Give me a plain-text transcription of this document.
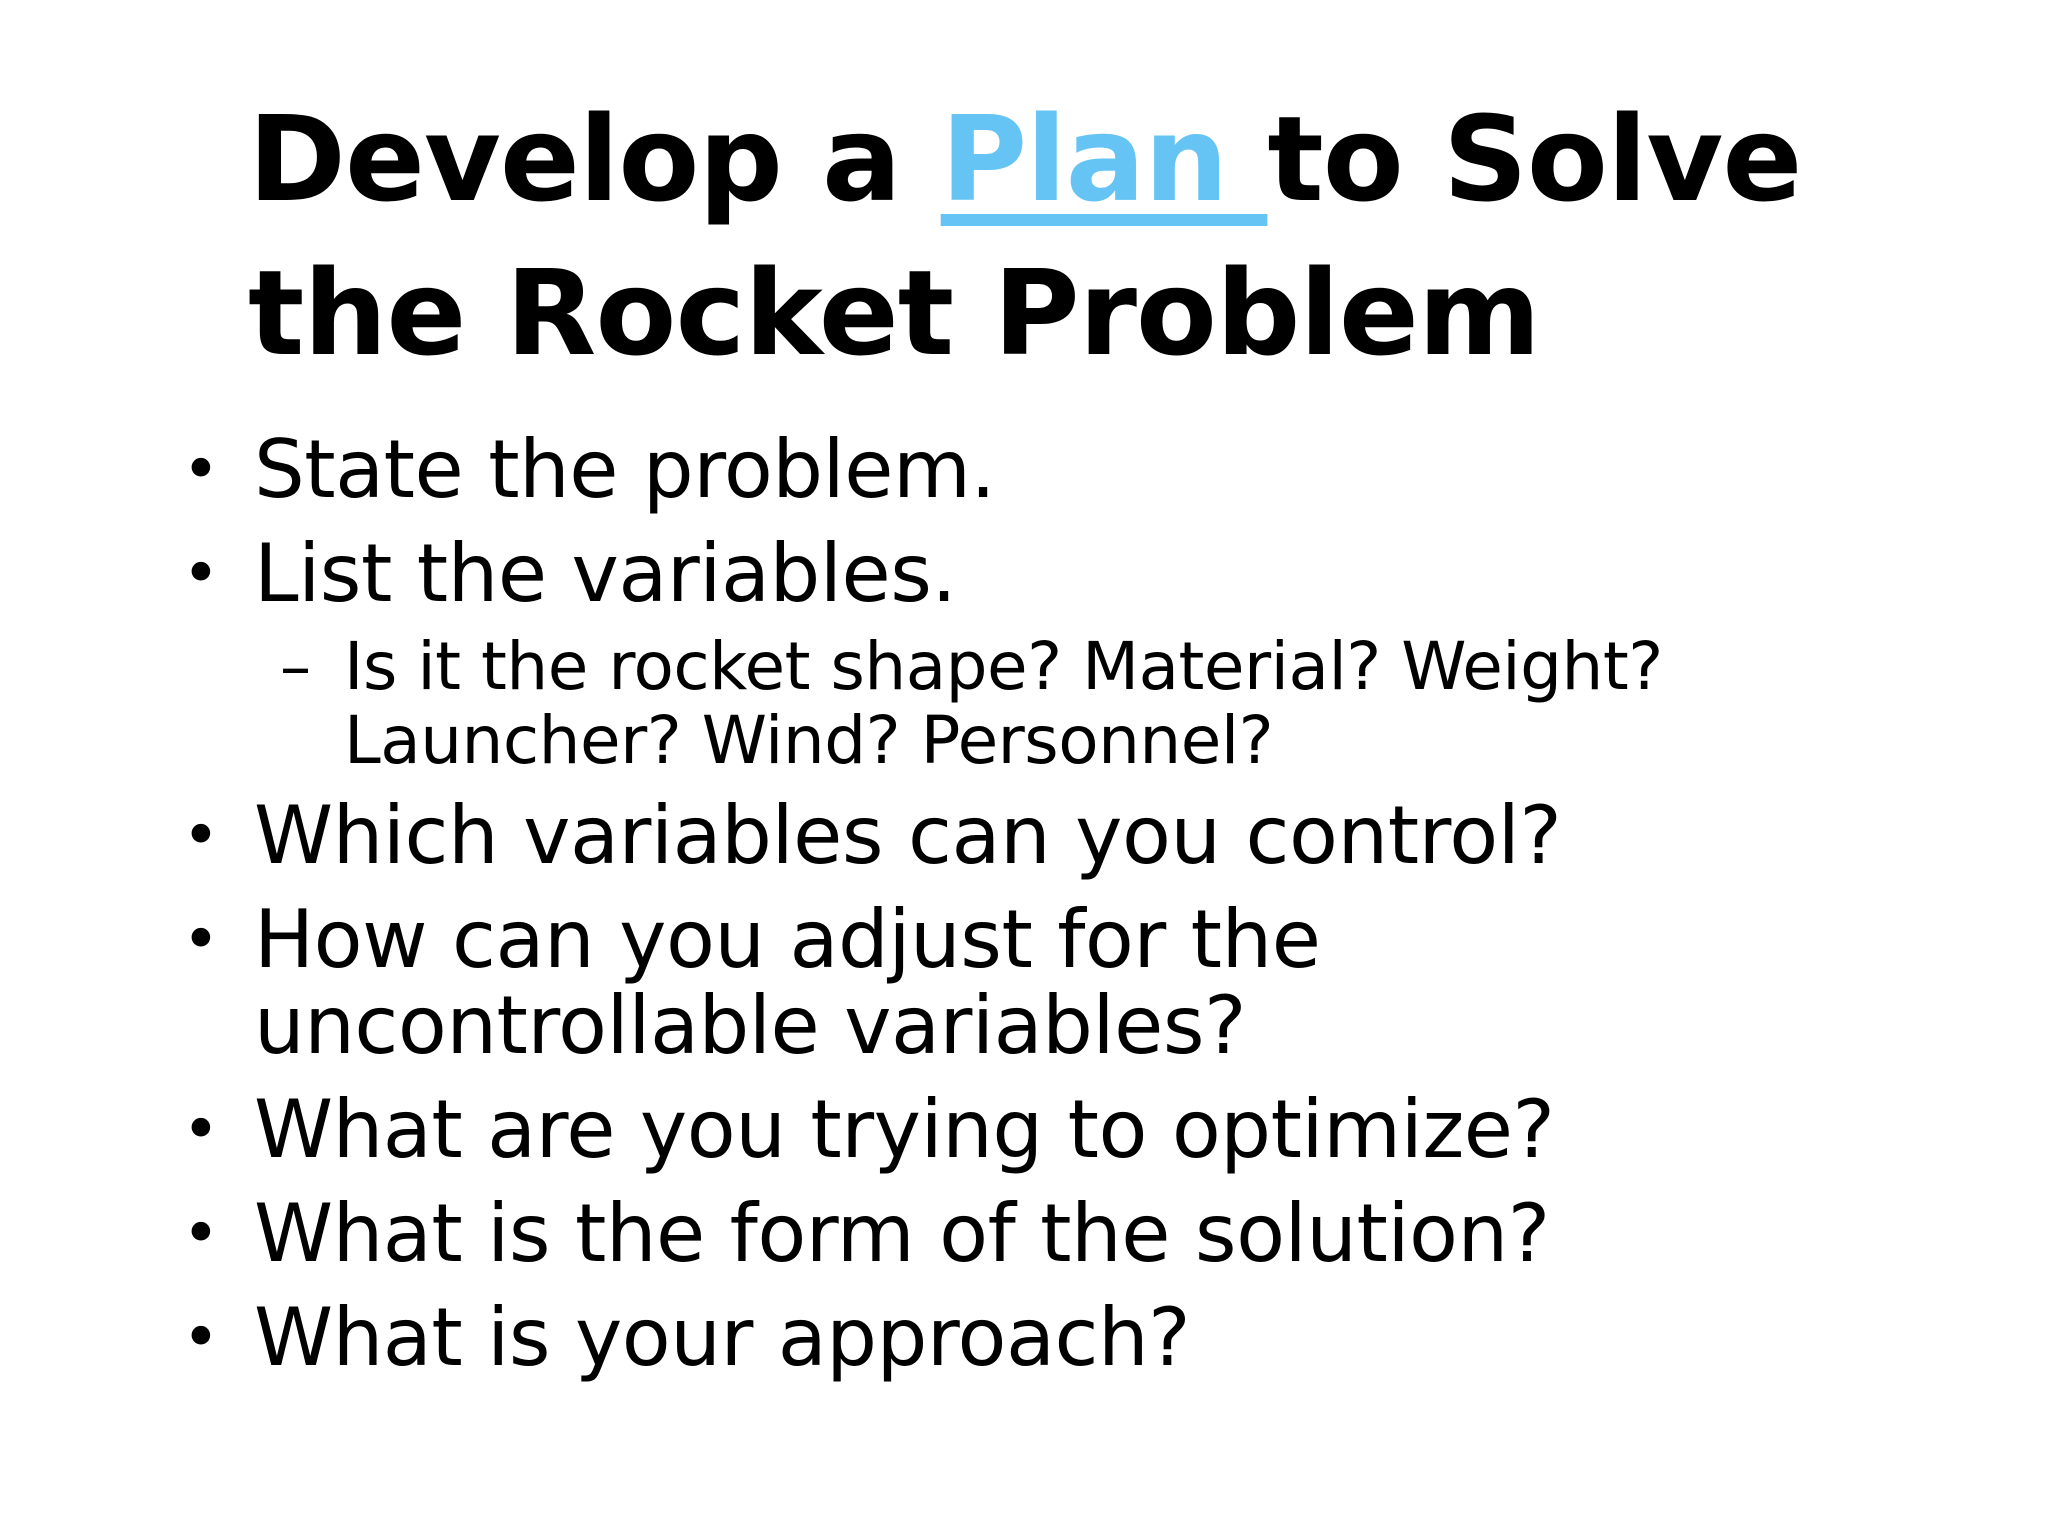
Develop a Plan to Solve the Rocket Problem
• State the problem.
• List the variables.
– Is it the rocket shape? Material? Weight? Launcher? Wind? Personnel?
• Which variables can you control?
• How can you adjust for the uncontrollable variables?
• What are you trying to optimize?
• What is the form of the solution?
• What is your approach?
